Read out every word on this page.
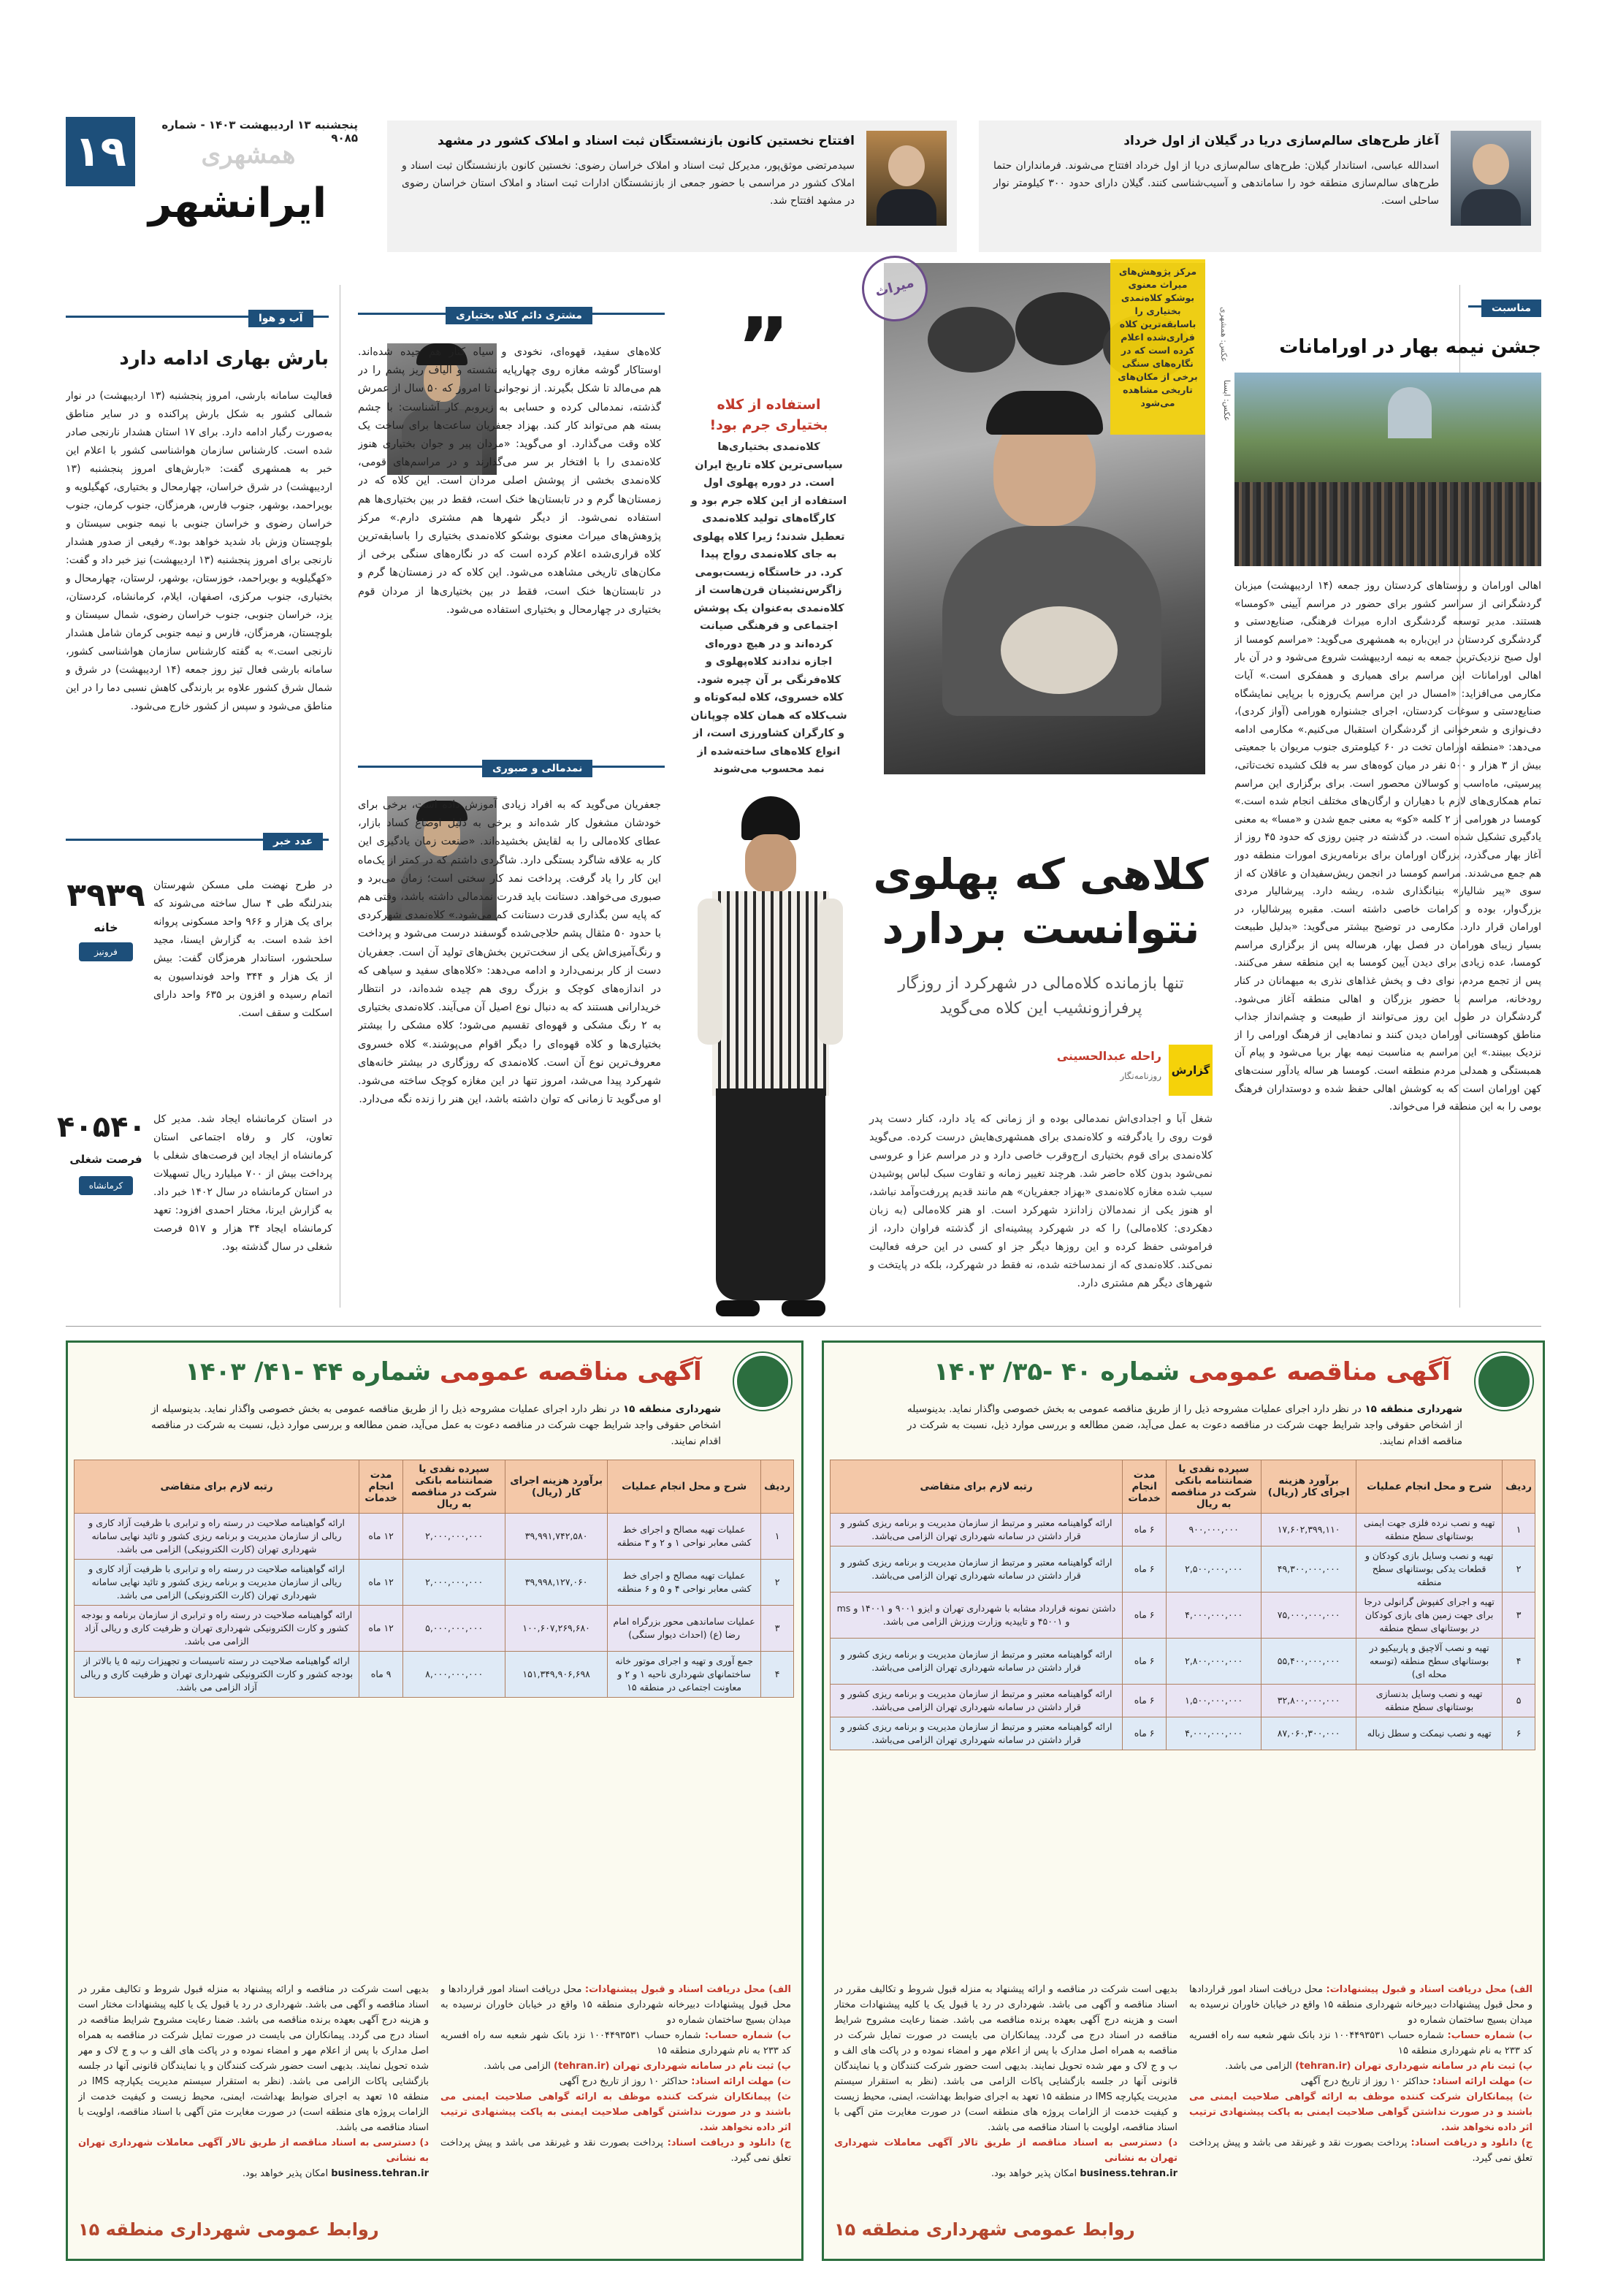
پنجشنبه ۱۳ اردیبهشت ۱۴۰۳ - شماره ۹۰۸۵
۱۹	همشهری
ایرانشهر
آغاز طرح‌های سالم‌سازی دریا در گیلان از اول خرداد
اسدالله عباسی، استاندار گیلان: طرح‌های سالم‌سازی دریا از اول خرداد افتتاح می‌شوند. فرمانداران حتما طرح‌های سالم‌سازی منطقه خود را ساماندهی و آسیب‌شناسی کنند. گیلان دارای حدود ۳۰۰ کیلومتر نوار ساحلی است.
افتتاح نخستین کانون بازنشستگان ثبت اسناد و املاک کشور در مشهد
سیدمرتضی موثق‌پور، مدیرکل ثبت اسناد و املاک خراسان رضوی: نخستین کانون بازنشستگان ثبت اسناد و املاک کشور در مراسمی با حضور جمعی از بازنشستگان ادارات ثبت اسناد و املاک استان خراسان رضوی در مشهد افتتاح شد.
مناسبت
جشن نیمه بهار در اورامانات
عکس: ایسنا
اهالی اورامان و روستاهای کردستان روز جمعه (۱۴ اردیبهشت) میزبان گردشگرانی از سراسر کشور برای حضور در مراسم آیینی «کومسا» هستند. مدیر توسعه گردشگری اداره میراث فرهنگی، صنایع‌دستی و گردشگری کردستان در این‌باره به همشهری می‌گوید: «مراسم کومسا از اول صبح نزدیک‌ترین جمعه به نیمه اردیبهشت شروع می‌شود و در آن بار اهالی اورامانات این مراسم برای همیاری و همفکری است.» آیات مکارمی می‌افزاید: «امسال در این مراسم یک‌روزه با برپایی نمایشگاه صنایع‌دستی و سوغات کردستان، اجرای جشنواره هورامی (آواز کردی)، دف‌نوازی و شعرخوانی از گردشگران استقبال می‌کنیم.» مکارمی ادامه می‌دهد: «منطقه اورامان تخت در ۶۰ کیلومتری جنوب مریوان با جمعیتی بیش از ۳ هزار و ۵۰۰ نفر در میان کوه‌های سر به فلک کشیده تخت‌تاتی، پیرسیتی، ماه‌اسب و کوسالان محصور است. برای برگزاری این مراسم تمام همکاری‌های لازم با دهیاران و ارگان‌های مختلف انجام شده است.» کومسا در هورامی از ۲ کلمه «کو» به معنی جمع شدن و «مسا» به معنی یادگیری تشکیل شده است. در گذشته در چنین روزی که حدود ۴۵ روز از آغاز بهار می‌گذرد، بزرگان اورامان برای برنامه‌ریزی امورات منطقه دور هم جمع می‌شدند. مراسم کومسا در انجمن ریش‌سفیدان و عاقلان که از سوی «پیر شالیار» بنیانگذاری شده، ریشه دارد. پیرشالیار مردی بزرگ‌وار، بوده و کرامات خاصی داشته است. مقبره پیرشالیار، در اورامان قرار دارد. مکارمی در توضیح بیشتر می‌گوید: «بدلیل طبیعت بسیار زیبای هورامان در فصل بهار، هرساله پس از برگزاری مراسم کومسا، عده زیادی برای دیدن آیین کومسا به این منطقه سفر می‌کنند. پس از تجمع مردم، نوای دف و پخش غذاهای نذری به میهمانان در کنار رودخانه، مراسم با حضور بزرگان و اهالی منطقه آغاز می‌شود. گردشگران در طول این روز می‌توانند از طبیعت و چشم‌انداز جذاب مناطق کوهستانی اورامان دیدن کنند و نمادهایی از فرهنگ اورامی را از نزدیک ببینند.» این مراسم به مناسبت نیمه بهار برپا می‌شود و پیام آن همبستگی و همدلی مردم منطقه است. کومسا هر ساله یادآور سنت‌های کهن اورامان است که به کوشش اهالی حفظ شده و دوستداران فرهنگ بومی را به این منطقه فرا می‌خواند.
آب و هوا
بارش بهاری ادامه دارد
فعالیت سامانه بارشی، امروز پنجشنبه (۱۳ اردیبهشت) در نوار شمالی کشور به شکل بارش پراکنده و در سایر مناطق به‌صورت رگبار ادامه دارد. برای ۱۷ استان هشدار نارنجی صادر شده است. کارشناس سازمان هواشناسی کشور با اعلام این خبر به همشهری گفت: «بارش‌های امروز پنجشنبه (۱۳ اردیبهشت) در شرق خراسان، چهارمحال و بختیاری، کهگیلویه و بویراحمد، بوشهر، جنوب فارس، هرمزگان، جنوب کرمان، جنوب خراسان رضوی و خراسان جنوبی با نیمه جنوبی سیستان و بلوچستان وزش باد شدید خواهد بود.» رفیعی از صدور هشدار نارنجی برای امروز پنجشنبه (۱۳ اردیبهشت) نیز خبر داد و گفت: «کهگیلویه و بویراحمد، خوزستان، بوشهر، لرستان، چهارمحال و بختیاری، جنوب مرکزی، اصفهان، ایلام، کرمانشاه، کردستان، یزد، خراسان جنوبی، جنوب خراسان رضوی، شمال سیستان و بلوچستان، هرمزگان، فارس و نیمه جنوبی کرمان شامل هشدار نارنجی است.» به گفته کارشناس سازمان هواشناسی کشور، سامانه بارشی فعال تیز روز جمعه (۱۴ اردیبهشت) در شرق و شمال شرق کشور علاوه بر بارندگی کاهش نسبی دما را در این مناطق می‌شود و سپس از کشور خارج می‌شود.
عدد خبر
۳۹۳۹
خانه
فرونیز
در طرح نهضت ملی مسکن شهرستان بندرلنگه طی ۴ سال ساخته می‌شوند که برای یک هزار و ۹۶۶ واحد مسکونی پروانه اخذ شده است. به گزارش ایسنا، مجید سلحشور، استاندار هرمزگان گفت: بیش از یک هزار و ۳۴۴ واحد فونداسیون به اتمام رسیده و افزون بر ۶۳۵ واحد دارای اسکلت و سقف است.
۴۰۵۴۰
فرصت شغلی
کرمانشاه
در استان کرمانشاه ایجاد شد. مدیر کل تعاون، کار و رفاه اجتماعی استان کرمانشاه از ایجاد این فرصت‌های شغلی با پرداخت بیش از ۷۰۰ میلیارد ریال تسهیلات در استان کرمانشاه در سال ۱۴۰۲ خبر داد. به گزارش ایرنا، مختار احمدی افزود: تعهد کرمانشاه ایجاد ۳۴ هزار و ۵۱۷ فرصت شغلی در سال گذشته بود.
مرکز پژوهش‌های میراث معنوی بوشکو کلاه‌نمدی بختیاری را باسابقه‌ترین کلاه قراری‌شده اعلام کرده است که در نگاره‌های سنگی برخی از مکان‌های تاریخی مشاهده می‌شود
میراث
”
استفاده از کلاه بختیاری جرم بود!
کلاه‌نمدی بختیاری‌ها سیاسی‌ترین کلاه تاریخ ایران است. در دوره پهلوی اول استفاده از این کلاه جرم بود و کارگاه‌های تولید کلاه‌نمدی تعطیل شدند؛ زیرا کلاه پهلوی به جای کلاه‌نمدی رواج پیدا کرد. در خاستگاه زیست‌بومی زاگرس‌نشینان قرن‌هاست از کلاه‌نمدی به‌عنوان یک پوشش اجتماعی و فرهنگی صیانت کرده‌اند و در هیچ دوره‌ای اجازه ندادند کلاه‌پهلوی و کلاه‌فرنگی بر آن چیره شود. کلاه خسروی، کلاه لبه‌کوتاه و شب‌کلاه که همان کلاه چوپانان و کارگران کشاورزی است، از انواع کلاه‌های ساخته‌شده از نمد محسوب می‌شوند
کلاهی که پهلوی نتوانست بردارد
تنها بازمانده کلاه‌مالی در شهرکرد از روزگار پرفراز‌ونشیب این کلاه می‌گوید
گزارش
راحله عبدالحسینی
روزنامه‌نگار
عکس: همشهری
شغل آبا و اجدادی‌اش نمدمالی بوده و از زمانی که یاد دارد، کنار دست پدر قوت روی را یادگرفته و کلاه‌نمدی برای همشهری‌هایش درست کرده. می‌گوید کلاه‌نمدی برای قوم بختیاری ارج‌وقرب خاصی دارد و در مراسم عزا و عروسی نمی‌شود بدون کلاه حاضر شد. هرچند تغییر زمانه و تفاوت سبک لباس پوشیدن سبب شده مغازه کلاه‌نمدی «بهزاد جعفریان» هم مانند قدیم پررفت‌وآمد نباشد، او هنوز یکی از نمدمالان زادانزد شهرکرد است. او هنر کلاه‌مالی (به زبان دهکردی: کلاه‌مالی) را که در شهرکرد پیشینه‌ای از گذشته فراوان دارد، از فراموشی حفظ کرده و این روزها دیگر جز او کسی در این حرفه فعالیت نمی‌کند. کلاه‌نمدی که از نمد‌ساخته شده، نه فقط در شهرکرد، بلکه در پایتخت و شهرهای دیگر هم مشتری دارد.
مشتری دائم کلاه بختیاری
کلاه‌های سفید، قهوه‌ای، نخودی و سیاه کنار هم چیده شده‌اند. اوستاکار گوشه مغازه روی چهارپایه نشسته و الیاف ریز پشم را در هم می‌مالد تا شکل بگیرند. از نوجوانی تا امروز که ۵۰ سال از عمرش گذشته، نمدمالی کرده و حسابی به زیروبم کار آشناست: با چشم بسته هم می‌تواند کار کند. بهزاد جعفریان ساعت‌ها برای ساخت یک کلاه وقت می‌گذارد. او می‌گوید: «مردان پیر و جوان بختیاری هنوز کلاه‌نمدی را با افتخار بر سر می‌گذارند و در مراسم‌های قومی، کلاه‌نمدی بخشی از پوشش اصلی مردان است. این کلاه که در زمستان‌ها گرم و در تابستان‌ها خنک است، فقط در بین بختیاری‌ها هم استفاده نمی‌شود. از دیگر شهرها هم مشتری دارم.» مرکز پژوهش‌های میراث معنوی بوشکو کلاه‌نمدی بختیاری را باسابقه‌ترین کلاه قراری‌شده اعلام کرده است که در نگاره‌های سنگی برخی از مکان‌های تاریخی مشاهده می‌شود. این کلاه که در زمستان‌ها گرم و در تابستان‌ها خنک است، فقط در بین بختیاری‌ها از مردان قوم بختیاری در چهارمحال و بختیاری استفاده می‌شود.
نمدمالی و صبوری
جعفریان می‌گوید که به افراد زیادی آموزش داده است، برخی برای خودشان مشغول کار شده‌اند و برخی به دلیل اوضاع کساد بازار، عطای کلاه‌مالی را به لقایش بخشیده‌اند. «صنعت زمان یادگیری این کار به علاقه شاگرد بستگی دارد. شاگردی داشتم که در کمتر از یک‌ماه این کار را یاد گرفت. پرداخت نمد کار سختی است؛ زمان می‌برد و صبوری می‌خواهد. دستانت باید قدرت نمدمالی داشته باشد، وقتی هم که پایه سن بگذاری قدرت دستانت کم می‌شود.» کلاه‌نمدی شهرکردی با حدود ۵۰ مثقال پشم حلاجی‌شده گوسفند درست می‌شود و پرداخت و رنگ‌آمیزی‌اش یکی از سخت‌ترین بخش‌های تولید آن است. جعفریان دست از کار برنمی‌دارد و ادامه می‌دهد: «کلاه‌های سفید و سیاهی که در اندازه‌های کوچک و بزرگ روی هم چیده شده‌اند، در انتظار خریدارانی هستند که به دنبال نوع اصیل آن می‌آیند. کلاه‌نمدی بختیاری به ۲ رنگ مشکی و قهوه‌ای تقسیم می‌شود؛ کلاه مشکی را بیشتر بختیاری‌ها و کلاه قهوه‌ای را دیگر اقوام می‌پوشند.» کلاه خسروی معروف‌ترین نوع آن است. کلاه‌نمدی که روزگاری در بیشتر خانه‌های شهرکرد پیدا می‌شد، امروز تنها در این مغازه کوچک ساخته می‌شود. او می‌گوید تا زمانی که توان داشته باشد، این هنر را زنده نگه می‌دارد.
آگهی مناقصه عمومی شماره ۴۰ -۳۵/ ۱۴۰۳
شهرداری منطقه ۱۵ در نظر دارد اجرای عملیات مشروحه ذیل را از طریق مناقصه عمومی به بخش خصوصی واگذار نماید. بدینوسیله از اشخاص حقوقی واجد شرایط جهت شرکت در مناقصه دعوت به عمل می‌آید، ضمن مطالعه و بررسی موارد ذیل، نسبت به شرکت در مناقصه اقدام نمایند.
ردیف	شرح و محل انجام عملیات	برآورد هزینه اجرای کار (ریال)	سپرده نقدی یا ضمانتنامه بانکی شرکت در مناقصه به ریال	مدت انجام خدمات	رتبه لازم برای متقاضی
۱	تهیه و نصب نرده فلزی جهت ایمنی بوستانهای سطح منطقه	۱۷,۶۰۲,۳۹۹,۱۱۰	۹۰۰,۰۰۰,۰۰۰	۶ ماه	ارائه گواهینامه معتبر و مرتبط از سازمان مدیریت و برنامه ریزی کشور و قرار داشتن در سامانه شهرداری تهران الزامی می‌باشد.
۲	تهیه و نصب وسایل بازی کودکان و قطعات یدکی بوستانهای سطح منطقه	۴۹,۳۰۰,۰۰۰,۰۰۰	۲,۵۰۰,۰۰۰,۰۰۰	۶ ماه	ارائه گواهینامه معتبر و مرتبط از سازمان مدیریت و برنامه ریزی کشور و قرار داشتن در سامانه شهرداری تهران الزامی می‌باشد.
۳	تهیه و اجرای کفپوش گرانولی درجا برای جهت زمین های بازی کودکان در بوستانهای سطح منطقه	۷۵,۰۰۰,۰۰۰,۰۰۰	۴,۰۰۰,۰۰۰,۰۰۰	۶ ماه	داشتن نمونه قرارداد مشابه با شهرداری تهران و ایزو ۹۰۰۱ و ۱۴۰۰۱ و ms و ۴۵۰۰۱ و تاییدیه وزارت ورزش الزامی می باشد.
۴	تهیه و نصب آلاچیق و پاربیکیو در بوستانهای سطح منطقه (توسعه محله ای)	۵۵,۴۰۰,۰۰۰,۰۰۰	۲,۸۰۰,۰۰۰,۰۰۰	۶ ماه	ارائه گواهینامه معتبر و مرتبط از سازمان مدیریت و برنامه ریزی کشور و قرار داشتن در سامانه شهرداری تهران الزامی می‌باشد.
۵	تهیه و نصب وسایل بدنسازی بوستانهای سطح منطقه	۳۲,۸۰۰,۰۰۰,۰۰۰	۱,۵۰۰,۰۰۰,۰۰۰	۶ ماه	ارائه گواهینامه معتبر و مرتبط از سازمان مدیریت و برنامه ریزی کشور و قرار داشتن در سامانه شهرداری تهران الزامی می‌باشد.
۶	تهیه و نصب نیمکت و سطل زباله	۸۷,۰۶۰,۳۰۰,۰۰۰	۴,۰۰۰,۰۰۰,۰۰۰	۶ ماه	ارائه گواهینامه معتبر و مرتبط از سازمان مدیریت و برنامه ریزی کشور و قرار داشتن در سامانه شهرداری تهران الزامی می‌باشد.
الف) محل دریافت اسناد و قبول پیشنهادات: محل دریافت اسناد امور قراردادها و محل قبول پیشنهادات دبیرخانه شهرداری منطقه ۱۵ واقع در خیابان خاوران نرسیده به میدان بسیج ساختمان شماره دو
ب) شماره حساب: شماره حساب ۱۰۰۴۴۹۳۵۳۱ نزد بانک شهر شعبه سه راه افسریه کد ۲۳۳ به نام شهرداری منطقه ۱۵
پ) ثبت نام در سامانه شهرداری تهران (tehran.ir) الزامی می باشد.
ت) مهلت ارائه اسناد: حداکثر ۱۰ روز از تاریخ درج آگهی
ث) پیمانکاران شرکت کننده موظف به ارائه گواهی صلاحیت ایمنی می باشند و در صورت نداشتن گواهی صلاحیت ایمنی به پاکت پیشنهادی ترتیب اثر داده نخواهد شد.
ج) دانلود و دریافت اسناد: پرداخت بصورت نقد و غیرنقد می باشد و پیش پرداخت تعلق نمی گیرد.
بدیهی است شرکت در مناقصه و ارائه پیشنهاد به منزله قبول شروط و تکالیف مقرر در اسناد مناقصه و آگهی می باشد. شهرداری در رد یا قبول یک یا کلیه پیشنهادات مختار است و هزینه درج آگهی بعهده برنده مناقصه می باشد. ضمنا رعایت مشروح شرایط مناقصه در اسناد درج می گردد. پیمانکاران می بایست در صورت تمایل شرکت در مناقصه به همراه اصل مدارک با پس از اعلام مهر و امضاء نموده و در پاکت های الف و ب و ج لاک و مهر شده تحویل نمایند. بدیهی است حضور شرکت کنندگان و یا نمایندگان قانونی آنها در جلسه بازگشایی پاکات الزامی می باشد. (نظر به استقرار سیستم مدیریت یکپارچه IMS در منطقه ۱۵ تعهد به اجرای ضوابط بهداشت، ایمنی، محیط زیست و کیفیت خدمت از الزامات پروژه های منطقه است) در صورت مغایرت متن آگهی با اسناد مناقصه، اولویت با اسناد مناقصه می باشد.
د) دسترسی به اسناد مناقصه از طریق تالار آگهی معاملات شهرداری تهران به نشانی
business.tehran.ir امکان پذیر خواهد بود.
روابط عمومی شهرداری منطقه ۱۵
آگهی مناقصه عمومی شماره ۴۴ -۴۱/ ۱۴۰۳
شهرداری منطقه ۱۵ در نظر دارد اجرای عملیات مشروحه ذیل را از طریق مناقصه عمومی به بخش خصوصی واگذار نماید. بدینوسیله از اشخاص حقوقی واجد شرایط جهت شرکت در مناقصه دعوت به عمل می‌آید، ضمن مطالعه و بررسی موارد ذیل، نسبت به شرکت در مناقصه اقدام نمایند.
ردیف	شرح و محل انجام عملیات	برآورد هزینه اجرای کار (ریال)	سپرده نقدی یا ضمانتنامه بانکی شرکت در مناقصه به ریال	مدت انجام خدمات	رتبه لازم برای متقاضی
۱	عملیات تهیه مصالح و اجرای خط کشی معابر نواحی ۱ و ۲ و ۳ منطقه	۳۹,۹۹۱,۷۴۲,۵۸۰	۲,۰۰۰,۰۰۰,۰۰۰	۱۲ ماه	ارائه گواهینامه صلاحیت در رسته راه و ترابری با ظرفیت آزاد کاری و ریالی از سازمان مدیریت و برنامه ریزی کشور و تائید نهایی سامانه شهرداری تهران (کارت الکترونیکی) الزامی می باشد.
۲	عملیات تهیه مصالح و اجرای خط کشی معابر نواحی ۴ و ۵ و ۶ منطقه	۳۹,۹۹۸,۱۲۷,۰۶۰	۲,۰۰۰,۰۰۰,۰۰۰	۱۲ ماه	ارائه گواهینامه صلاحیت در رسته راه و ترابری با ظرفیت آزاد کاری و ریالی از سازمان مدیریت و برنامه ریزی کشور و تائید نهایی سامانه شهرداری تهران (کارت الکترونیکی) الزامی می باشد.
۳	عملیات ساماندهی محور بزرگراه امام رضا (ع) (احداث دیوار سنگی)	۱۰۰,۶۰۷,۲۶۹,۶۸۰	۵,۰۰۰,۰۰۰,۰۰۰	۱۲ ماه	ارائه گواهینامه صلاحیت در رسته راه و ترابری از سازمان برنامه و بودجه کشور و کارت الکترونیکی شهرداری تهران و ظرفیت کاری و ریالی آزاد الزامی می باشد.
۴	جمع آوری و تهیه و اجرای موتور خانه ساختمانهای شهرداری ناحیه ۱ و ۲ و معاونت اجتماعی در منطقه ۱۵	۱۵۱,۳۴۹,۹۰۶,۶۹۸	۸,۰۰۰,۰۰۰,۰۰۰	۹ ماه	ارائه گواهینامه صلاحیت در رسته تاسیسات و تجهیزات رتبه ۵ یا بالاتر از بودجه کشور و کارت الکترونیکی شهرداری تهران و ظرفیت کاری و ریالی آزاد الزامی می باشد.
الف) محل دریافت اسناد و قبول پیشنهادات: محل دریافت اسناد امور قراردادها و محل قبول پیشنهادات دبیرخانه شهرداری منطقه ۱۵ واقع در خیابان خاوران نرسیده به میدان بسیج ساختمان شماره دو
ب) شماره حساب: شماره حساب ۱۰۰۴۴۹۳۵۳۱ نزد بانک شهر شعبه سه راه افسریه کد ۲۳۳ به نام شهرداری منطقه ۱۵
پ) ثبت نام در سامانه شهرداری تهران (tehran.ir) الزامی می باشد.
ت) مهلت ارائه اسناد: حداکثر ۱۰ روز از تاریخ درج آگهی
ث) پیمانکاران شرکت کننده موظف به ارائه گواهی صلاحیت ایمنی می باشند و در صورت نداشتن گواهی صلاحیت ایمنی به پاکت پیشنهادی ترتیب اثر داده نخواهد شد.
ج) دانلود و دریافت اسناد: پرداخت بصورت نقد و غیرنقد می باشد و پیش پرداخت تعلق نمی گیرد.
بدیهی است شرکت در مناقصه و ارائه پیشنهاد به منزله قبول شروط و تکالیف مقرر در اسناد مناقصه و آگهی می باشد. شهرداری در رد یا قبول یک یا کلیه پیشنهادات مختار است و هزینه درج آگهی بعهده برنده مناقصه می باشد. ضمنا رعایت مشروح شرایط مناقصه در اسناد درج می گردد. پیمانکاران می بایست در صورت تمایل شرکت در مناقصه به همراه اصل مدارک با پس از اعلام مهر و امضاء نموده و در پاکت های الف و ب و ج لاک و مهر شده تحویل نمایند. بدیهی است حضور شرکت کنندگان و یا نمایندگان قانونی آنها در جلسه بازگشایی پاکات الزامی می باشد. (نظر به استقرار سیستم مدیریت یکپارچه IMS در منطقه ۱۵ تعهد به اجرای ضوابط بهداشت، ایمنی، محیط زیست و کیفیت خدمت از الزامات پروژه های منطقه است) در صورت مغایرت متن آگهی با اسناد مناقصه، اولویت با اسناد مناقصه می باشد.
د) دسترسی به اسناد مناقصه از طریق تالار آگهی معاملات شهرداری تهران به نشانی
business.tehran.ir امکان پذیر خواهد بود.
روابط عمومی شهرداری منطقه ۱۵
